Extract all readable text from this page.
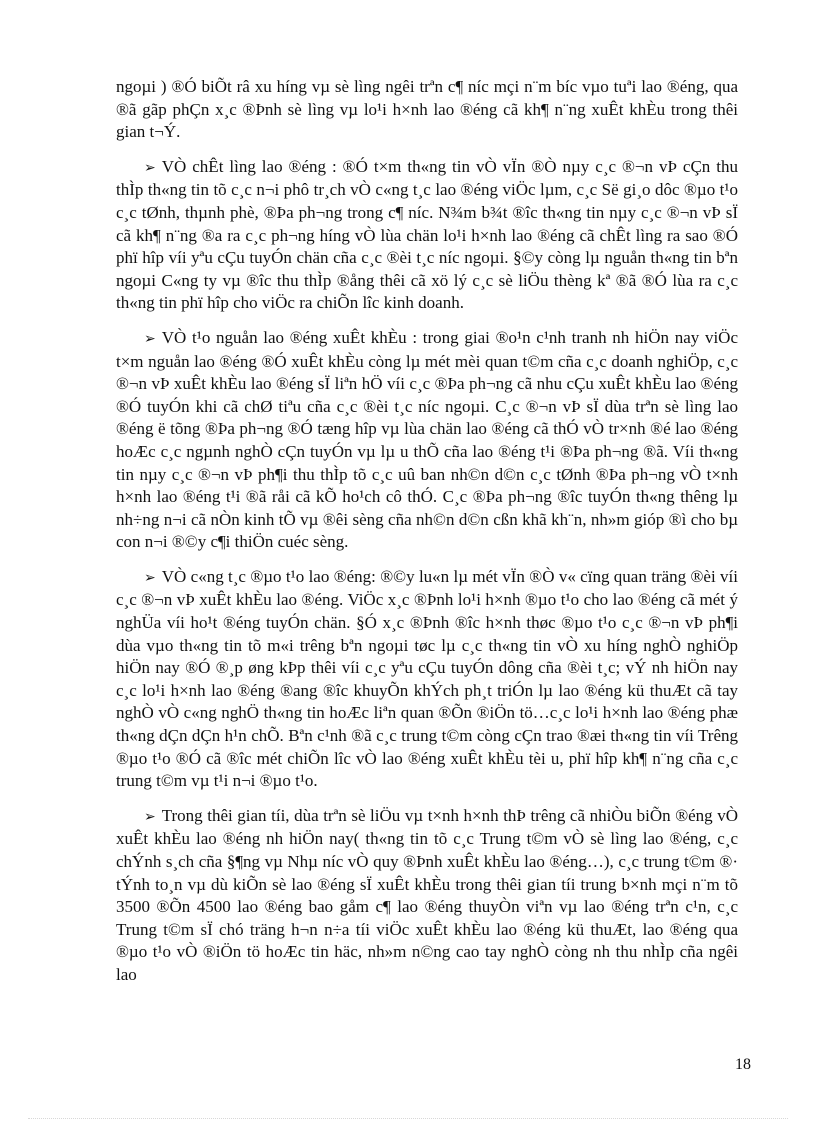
ngoµi ) ®Ó biÕt râ xu híng vµ sè lìng ngêi trªn c¶ níc mçi n¨m bíc vµo tuªi lao ®éng, qua ®ã gãp phÇn x¸c ®Þnh sè lìng vµ lo¹i h×nh lao ®éng cã kh¶ n¨ng xuÊt khÈu trong thêi gian t¬Ý.

➢ VÒ chÊt lìng lao ®éng : ®Ó t×m th«ng tin vÒ vÏn ®Ò nµy c¸c ®¬n vÞ cÇn thu thÌp th«ng tin tõ c¸c n¬i phô tr¸ch vÒ c«ng t¸c lao ®éng viÖc lµm, c¸c Së gi¸o dôc ®µo t¹o c¸c tØnh, thµnh phè, ®Þa ph¬ng trong c¶ níc. N¾m b¾t ®îc th«ng tin nµy c¸c ®¬n vÞ sÏ cã kh¶ n¨ng ®a ra c¸c ph¬ng híng vÒ lùa chän lo¹i h×nh lao ®éng cã chÊt lìng ra sao ®Ó phï hîp víi yªu cÇu tuyÓn chän cña c¸c ®èi t¸c níc ngoµi. §©y còng lµ nguån th«ng tin bªn ngoµi C«ng ty vµ ®îc thu thÌp ®ång thêi cã xö lý c¸c sè liÖu thèng kª ®ã ®Ó lùa ra c¸c th«ng tin phï hîp cho viÖc ra chiÕn lîc kinh doanh.

➢ VÒ t¹o nguån lao ®éng xuÊt khÈu : trong giai ®o¹n c¹nh tranh nh hiÖn nay viÖc t×m nguån lao ®éng ®Ó xuÊt khÈu còng lµ mét mèi quan t©m cña c¸c doanh nghiÖp, c¸c ®¬n vÞ xuÊt khÈu lao ®éng sÏ liªn hÖ víi c¸c ®Þa ph¬ng cã nhu cÇu xuÊt khÈu lao ®éng ®Ó tuyÓn khi cã chØ tiªu cña c¸c ®èi t¸c níc ngoµi. C¸c ®¬n vÞ sÏ dùa trªn sè lìng lao ®éng ë tõng ®Þa ph¬ng ®Ó tæng hîp vµ lùa chän lao ®éng cã thÓ vÒ tr×nh ®é lao ®éng hoÆc c¸c ngµnh nghÒ cÇn tuyÓn vµ lµ u thÕ cña lao ®éng t¹i ®Þa ph¬ng ®ã. Víi th«ng tin nµy c¸c ®¬n vÞ ph¶i thu thÌp tõ c¸c uû ban nh©n d©n c¸c tØnh ®Þa ph¬ng vÒ t×nh h×nh lao ®éng t¹i ®ã råi cã kÕ ho¹ch cô thÓ. C¸c ®Þa ph¬ng ®îc tuyÓn th«ng thêng lµ nh÷ng n¬i cã nÒn kinh tÕ vµ ®êi sèng cña nh©n d©n cßn khã kh¨n, nh»m gióp ®ì cho bµ con n¬i ®©y c¶i thiÖn cuéc sèng.

➢ VÒ c«ng t¸c ®µo t¹o lao ®éng: ®©y lu«n lµ mét vÏn ®Ò v« cïng quan träng ®èi víi c¸c ®¬n vÞ xuÊt khÈu lao ®éng. ViÖc x¸c ®Þnh lo¹i h×nh ®µo t¹o cho lao ®éng cã mét ý nghÜa víi ho¹t ®éng tuyÓn chän. §Ó x¸c ®Þnh ®îc h×nh thøc ®µo t¹o c¸c ®¬n vÞ ph¶i dùa vµo th«ng tin tõ m«i trêng bªn ngoµi tøc lµ c¸c th«ng tin vÒ xu híng nghÒ nghiÖp hiÖn nay ®Ó ®¸p øng kÞp thêi víi c¸c yªu cÇu tuyÓn dông cña ®èi t¸c; vÝ nh hiÖn nay c¸c lo¹i h×nh lao ®éng ®ang ®îc khuyÕn khÝch ph¸t triÓn lµ lao ®éng kü thuÆt cã tay nghÒ vÒ c«ng nghÖ th«ng tin hoÆc liªn quan ®Õn ®iÖn tö…c¸c lo¹i h×nh lao ®éng phæ th«ng dÇn dÇn h¹n chÕ. Bªn c¹nh ®ã c¸c trung t©m còng cÇn trao ®æi th«ng tin víi Trêng ®µo t¹o ®Ó cã ®îc mét chiÕn lîc vÒ lao ®éng xuÊt khÈu tèi u, phï hîp kh¶ n¨ng cña c¸c trung t©m vµ t¹i n¬i ®µo t¹o.

➢ Trong thêi gian tíi, dùa trªn sè liÖu vµ t×nh h×nh thÞ trêng cã nhiÒu biÕn ®éng vÒ xuÊt khÈu lao ®éng nh hiÖn nay( th«ng tin tõ c¸c Trung t©m vÒ sè lìng lao ®éng, c¸c chÝnh s¸ch cña §¶ng vµ Nhµ níc vÒ quy ®Þnh xuÊt khÈu lao ®éng…), c¸c trung t©m ®· tÝnh to¸n vµ dù kiÕn sè lao ®éng sÏ xuÊt khÈu trong thêi gian tíi trung b×nh mçi n¨m tõ 3500 ®Õn 4500 lao ®éng bao gåm c¶ lao ®éng thuyÒn viªn vµ lao ®éng trªn c¹n, c¸c Trung t©m sÏ chó träng h¬n n÷a tíi viÖc xuÊt khÈu lao ®éng kü thuÆt, lao ®éng qua ®µo t¹o vÒ ®iÖn tö hoÆc tin häc, nh»m n©ng cao tay nghÒ còng nh thu nhÌp cña ngêi lao

18
